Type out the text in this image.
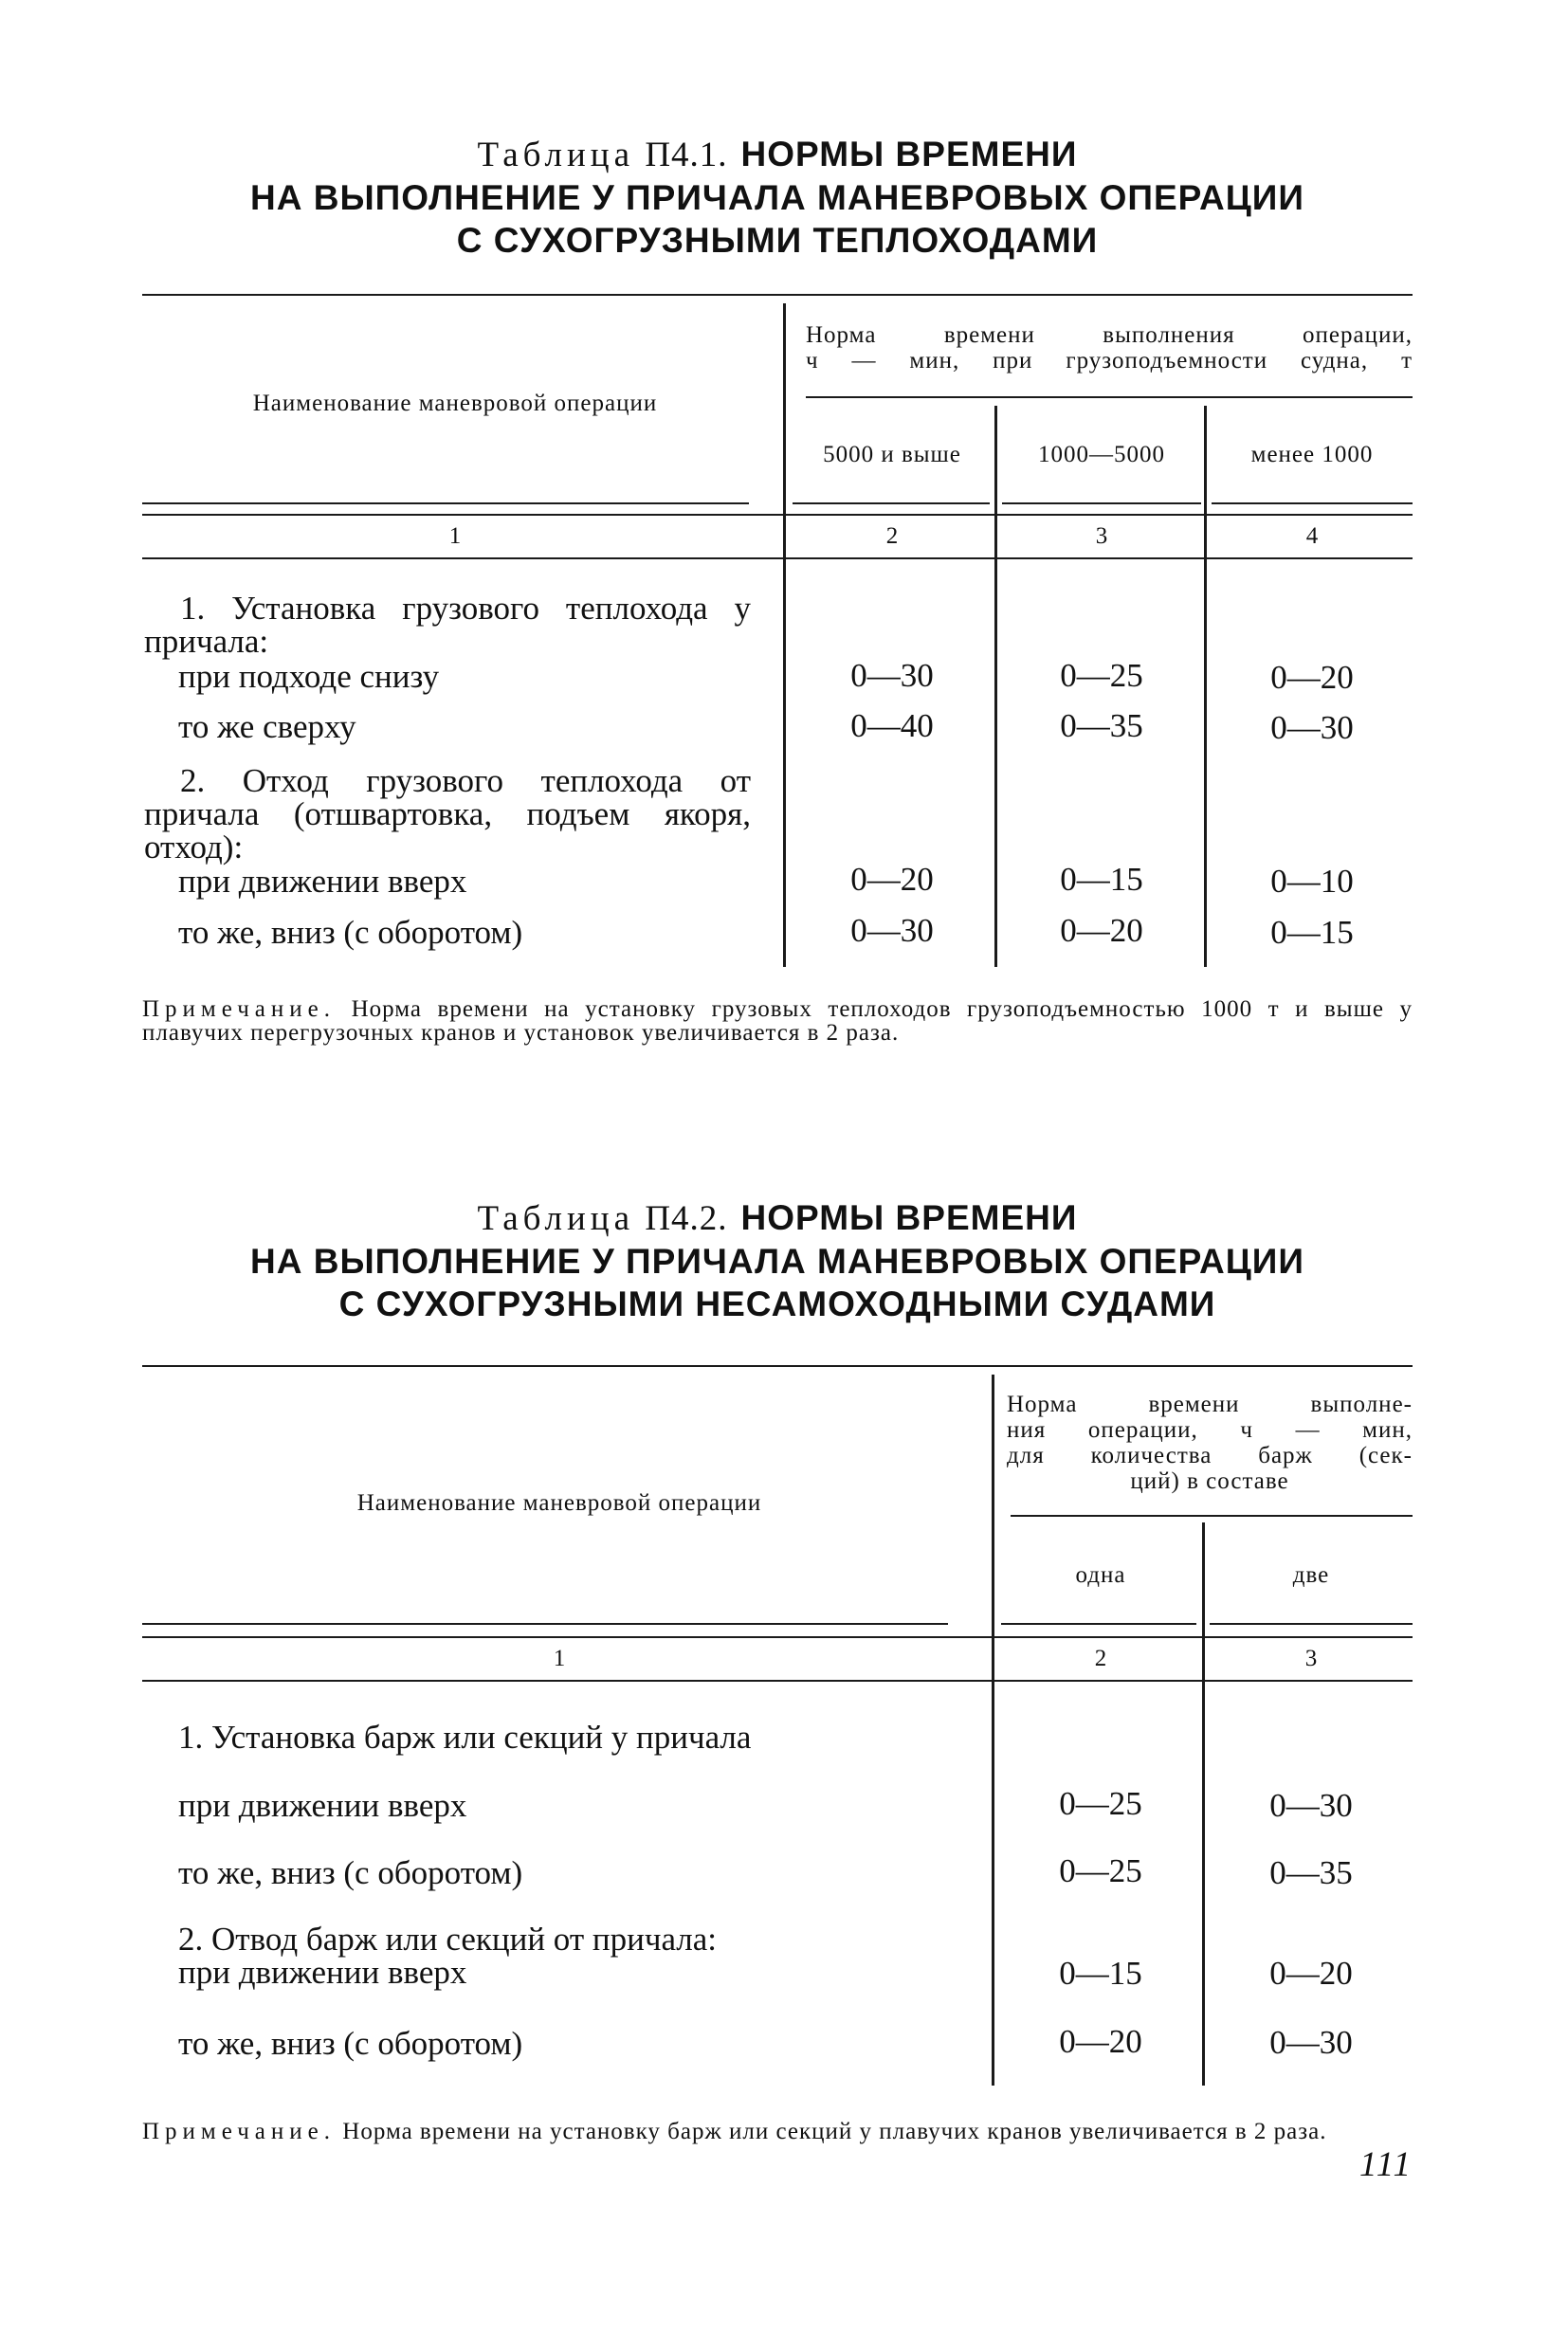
Таблица П4.1. НОРМЫ ВРЕМЕНИ
НА ВЫПОЛНЕНИЕ У ПРИЧАЛА МАНЕВРОВЫХ ОПЕРАЦИИ
С СУХОГРУЗНЫМИ ТЕПЛОХОДАМИ
Наименование маневровой операции
Норма времени выполнения операции,
ч — мин, при грузоподъемности судна, т
5000 и выше	1000—5000	менее 1000
1	2	3	4
1. Установка грузового теплохода у причала:
при подходе снизу	0—30	0—25	0—20
то же сверху	0—40	0—35	0—30
2. Отход грузового теплохода от причала (отшвартовка, подъем якоря, отход):
при движении вверх	0—20	0—15	0—10
то же, вниз (с оборотом)	0—30	0—20	0—15
Примечание. Норма времени на установку грузовых теплоходов грузоподъемностью 1000 т и выше у плавучих перегрузочных кранов и установок увеличивается в 2 раза.
Таблица П4.2. НОРМЫ ВРЕМЕНИ
НА ВЫПОЛНЕНИЕ У ПРИЧАЛА МАНЕВРОВЫХ ОПЕРАЦИИ
С СУХОГРУЗНЫМИ НЕСАМОХОДНЫМИ СУДАМИ
Наименование маневровой операции
Норма времени выполне-
ния операции, ч — мин,
для количества барж (сек-
ций) в составе
одна	две
1	2	3
1. Установка барж или секций у причала
при движении вверх	0—25	0—30
то же, вниз (с оборотом)	0—25	0—35
2. Отвод барж или секций от причала:
при движении вверх	0—15	0—20
то же, вниз (с оборотом)	0—20	0—30
Примечание. Норма времени на установку барж или секций у плавучих кранов увеличивается в 2 раза.
111
